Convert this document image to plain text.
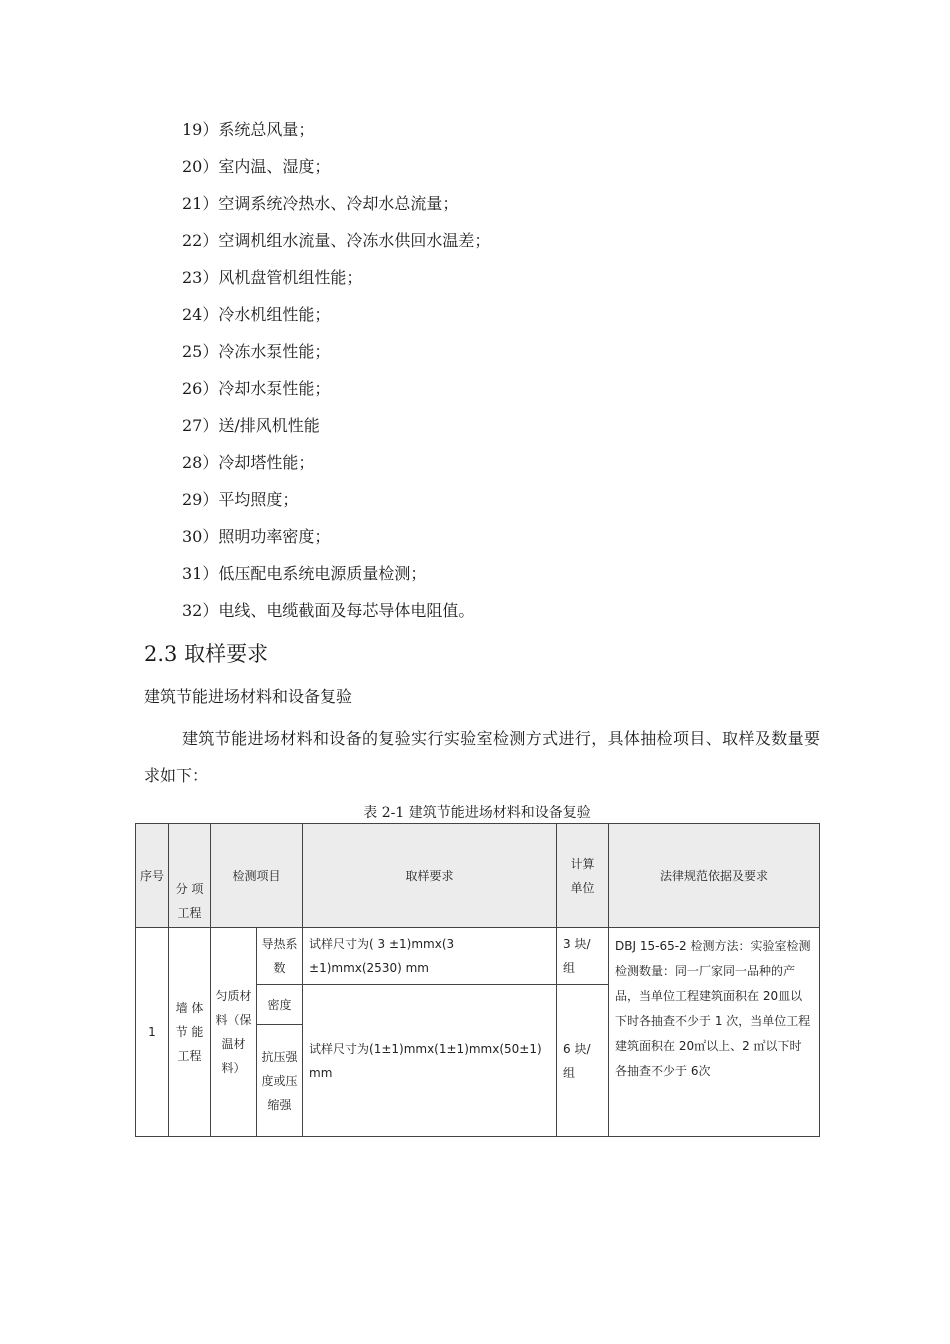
19）系统总风量；
20）室内温、湿度；
21）空调系统冷热水、冷却水总流量；
22）空调机组水流量、冷冻水供回水温差；
23）风机盘管机组性能；
24）冷水机组性能；
25）冷冻水泵性能；
26）冷却水泵性能；
27）送/排风机性能
28）冷却塔性能；
29）平均照度；
30）照明功率密度；
31）低压配电系统电源质量检测；
32）电线、电缆截面及每芯导体电阻值。
2.3 取样要求
建筑节能进场材料和设备复验
建筑节能进场材料和设备的复验实行实验室检测方式进行，具体抽检项目、取样及数量要求如下：
表 2-1 建筑节能进场材料和设备复验
序号	分 项 工程	检测项目		取样要求	计算 单位	法律规范依据及要求
1	墙 体 节 能 工程	匀质材料（保温材料）	导热系数	试样尺寸为( 3 ±1)mmx(3 ±1)mmx(2530) mm	3 块/组	DBJ 15-65-2 检测方法：实验室检测 检测数量：同一厂家同一品种的产品，当单位工程建筑面积在 20皿以下时各抽查不少于 1 次，当单位工程建筑面积在 20㎡以上、2 ㎡以下时各抽查不少于 6次
			密度	试样尺寸为(1±1)mmx(1±1)mmx(50±1) mm	6 块/组	
			抗压强度或压缩强			
